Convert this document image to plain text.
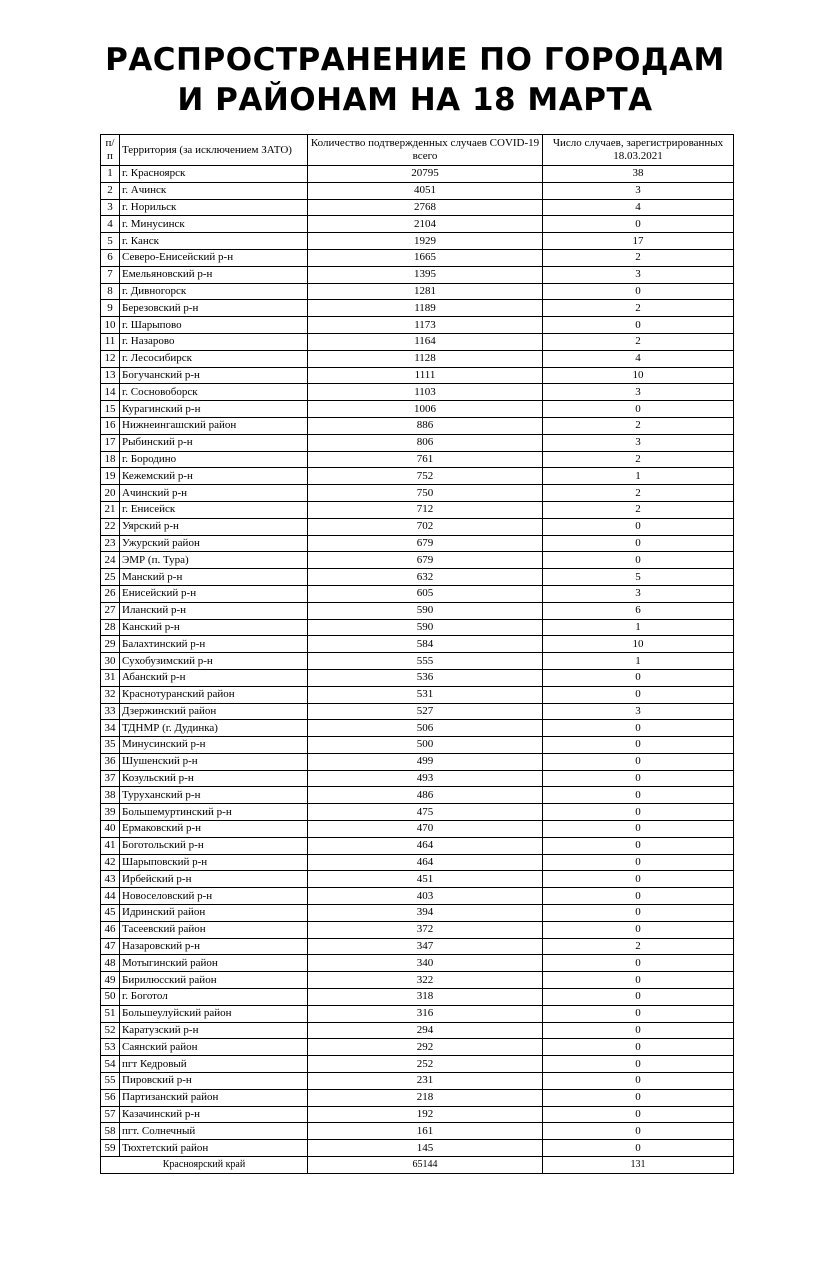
РАСПРОСТРАНЕНИЕ ПО ГОРОДАМ
И РАЙОНАМ НА 18 МАРТА
п/п	Территория (за исключением ЗАТО)	Количество подтвержденных случаев COVID-19 всего	Число случаев, зарегистрированных 18.03.2021
1	г. Красноярск	20795	38
2	г. Ачинск	4051	3
3	г. Норильск	2768	4
4	г. Минусинск	2104	0
5	г. Канск	1929	17
6	Северо-Енисейский р-н	1665	2
7	Емельяновский р-н	1395	3
8	г. Дивногорск	1281	0
9	Березовский р-н	1189	2
10	г. Шарыпово	1173	0
11	г. Назарово	1164	2
12	г. Лесосибирск	1128	4
13	Богучанский р-н	1111	10
14	г. Сосновоборск	1103	3
15	Курагинский р-н	1006	0
16	Нижнеингашский район	886	2
17	Рыбинский р-н	806	3
18	г. Бородино	761	2
19	Кежемский р-н	752	1
20	Ачинский р-н	750	2
21	г. Енисейск	712	2
22	Уярский р-н	702	0
23	Ужурский район	679	0
24	ЭМР (п. Тура)	679	0
25	Манский р-н	632	5
26	Енисейский р-н	605	3
27	Иланский р-н	590	6
28	Канский р-н	590	1
29	Балахтинский р-н	584	10
30	Сухобузимский р-н	555	1
31	Абанский р-н	536	0
32	Краснотуранский район	531	0
33	Дзержинский район	527	3
34	ТДНМР (г. Дудинка)	506	0
35	Минусинский р-н	500	0
36	Шушенский р-н	499	0
37	Козульский р-н	493	0
38	Туруханский р-н	486	0
39	Большемуртинский р-н	475	0
40	Ермаковский р-н	470	0
41	Боготольский р-н	464	0
42	Шарыповский р-н	464	0
43	Ирбейский р-н	451	0
44	Новоселовский р-н	403	0
45	Идринский район	394	0
46	Тасеевский район	372	0
47	Назаровский р-н	347	2
48	Мотыгинский район	340	0
49	Бирилюсский район	322	0
50	г. Боготол	318	0
51	Большеулуйский район	316	0
52	Каратузский р-н	294	0
53	Саянский район	292	0
54	пгт Кедровый	252	0
55	Пировский р-н	231	0
56	Партизанский район	218	0
57	Казачинский р-н	192	0
58	пгт. Солнечный	161	0
59	Тюхтетский район	145	0
Красноярский край		65144	131
